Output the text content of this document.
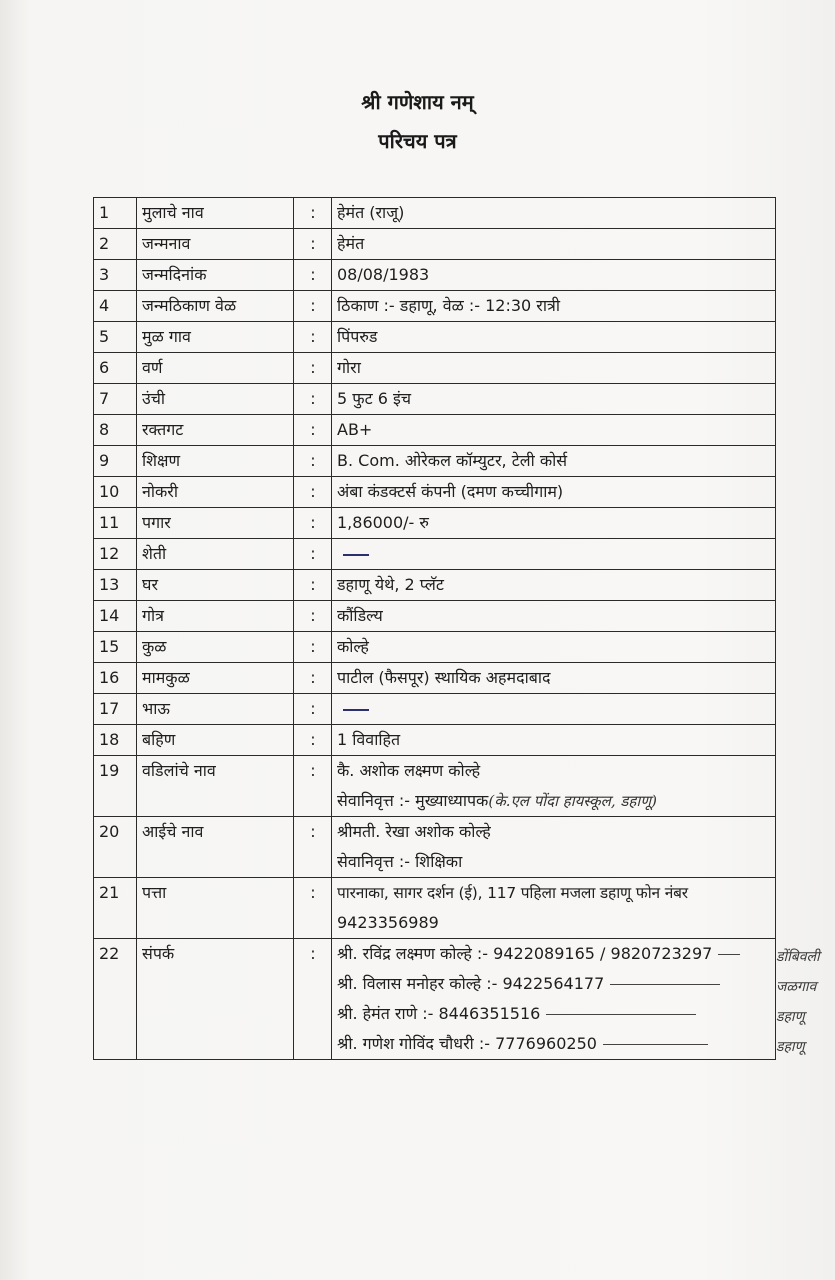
श्री गणेशाय नम्
परिचय पत्र
1	मुलाचे नाव	:	हेमंत (राजू)
2	जन्मनाव	:	हेमंत
3	जन्मदिनांक	:	08/08/1983
4	जन्मठिकाण वेळ	:	ठिकाण :- डहाणू, वेळ :- 12:30 रात्री
5	मुळ गाव	:	पिंपरुड
6	वर्ण	:	गोरा
7	उंची	:	5 फुट 6 इंच
8	रक्तगट	:	AB+
9	शिक्षण	:	B. Com. ओरेकल कॉम्युटर, टेली कोर्स
10	नोकरी	:	अंबा कंडक्टर्स कंपनी (दमण कच्चीगाम)
11	पगार	:	1,86000/- रु
12	शेती	:	
13	घर	:	डहाणू येथे, 2 प्लॅट
14	गोत्र	:	कौंडिल्य
15	कुळ	:	कोल्हे
16	मामकुळ	:	पाटील (फैसपूर) स्थायिक अहमदाबाद
17	भाऊ	:	
18	बहिण	:	1 विवाहित
19	वडिलांचे नाव	:	कै. अशोक लक्ष्मण कोल्हे
सेवानिवृत्त :- मुख्याध्यापक(के.एल पोंदा हायस्कूल, डहाणू)

20	आईचे नाव	:	श्रीमती. रेखा अशोक कोल्हे
सेवानिवृत्त :- शिक्षिका

21	पत्ता	:	पारनाका, सागर दर्शन (ई), 117 पहिला मजला डहाणू फोन नंबर
9423356989

22	संपर्क	:	श्री. रविंद्र लक्ष्मण कोल्हे :- 9422089165 / 9820723297
श्री. विलास मनोहर कोल्हे :- 9422564177
श्री. हेमंत राणे :- 8446351516
श्री. गणेश गोविंद चौधरी :- 7776960250
डोंबिवली
जळगाव
डहाणू
डहाणू
